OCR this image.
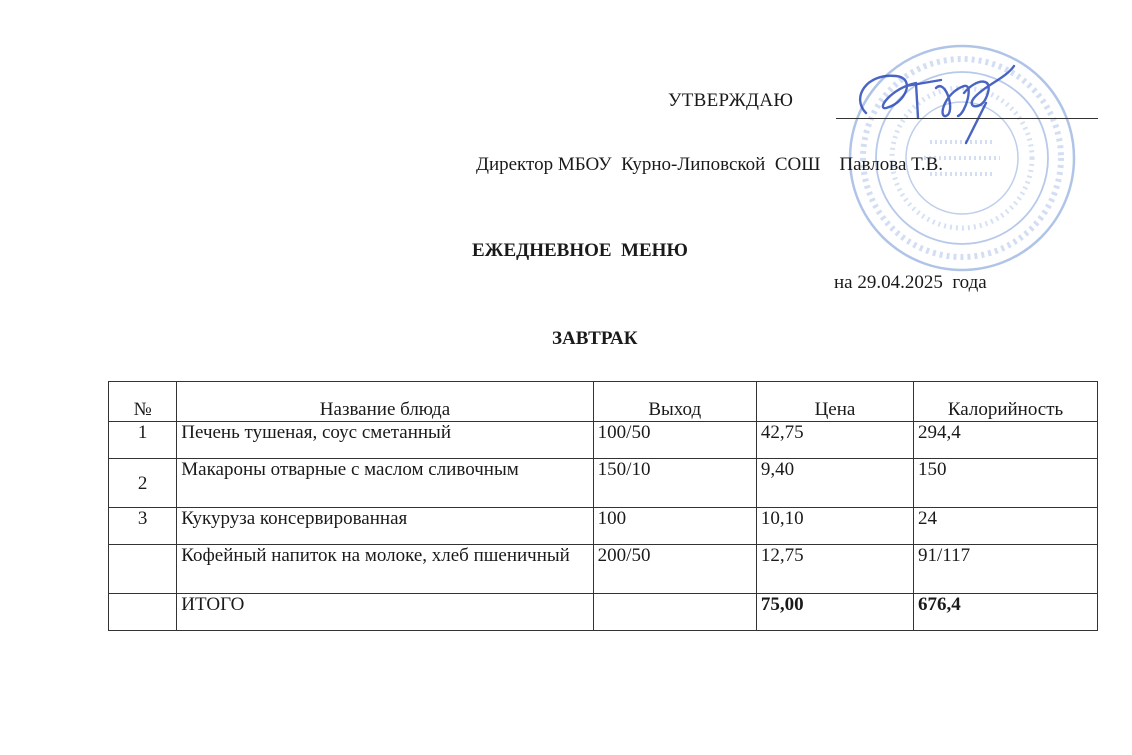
УТВЕРЖДАЮ
Директор МБОУ  Курно-Липовской  СОШ    Павлова Т.В.
ЕЖЕДНЕВНОЕ  МЕНЮ
на 29.04.2025  года
ЗАВТРАК
№	Название блюда	Выход	Цена	Калорийность
1	Печень тушеная, соус сметанный	100/50	42,75	294,4
2	Макароны отварные с маслом сливочным	150/10	9,40	150
3	Кукуруза консервированная	100	10,10	24
	Кофейный напиток на молоке, хлеб пшеничный	200/50	12,75	91/117
	ИТОГО		75,00	676,4
